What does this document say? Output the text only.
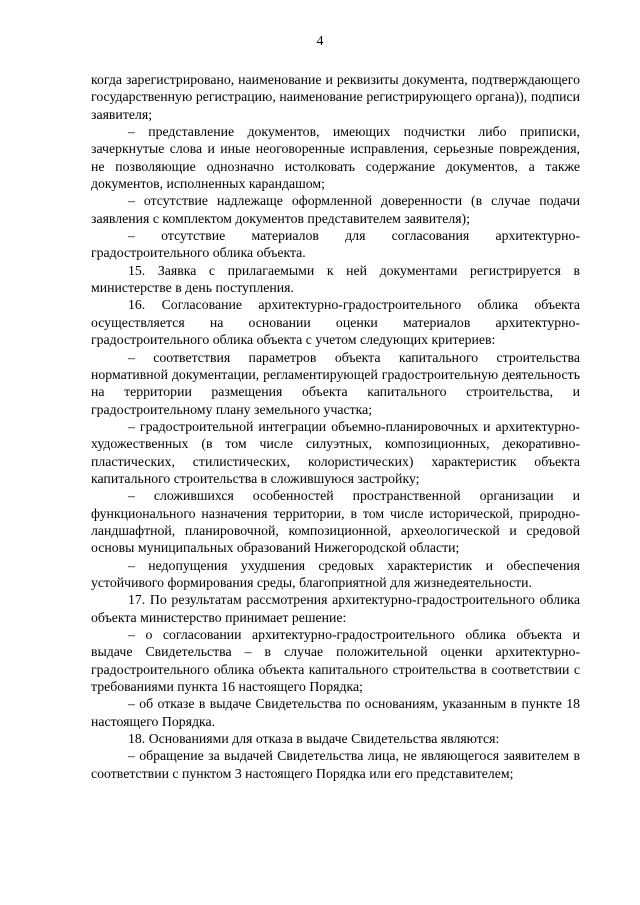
4

когда зарегистрировано, наименование и реквизиты документа, подтверждающего государственную регистрацию, наименование регистрирующего органа)), подписи заявителя;

– представление документов, имеющих подчистки либо приписки, зачеркнутые слова и иные неоговоренные исправления, серьезные повреждения, не позволяющие однозначно истолковать содержание документов, а также документов, исполненных карандашом;

– отсутствие надлежаще оформленной доверенности (в случае подачи заявления с комплектом документов представителем заявителя);

– отсутствие материалов для согласования архитектурно-градостроительного облика объекта.

15. Заявка с прилагаемыми к ней документами регистрируется в министерстве в день поступления.

16. Согласование архитектурно-градостроительного облика объекта осуществляется на основании оценки материалов архитектурно-градостроительного облика объекта с учетом следующих критериев:

– соответствия параметров объекта капитального строительства нормативной документации, регламентирующей градостроительную деятельность на территории размещения объекта капитального строительства, и градостроительному плану земельного участка;

– градостроительной интеграции объемно-планировочных и архитектурно-художественных (в том числе силуэтных, композиционных, декоративно-пластических, стилистических, колористических) характеристик объекта капитального строительства в сложившуюся застройку;

– сложившихся особенностей пространственной организации и функционального назначения территории, в том числе исторической, природно-ландшафтной, планировочной, композиционной, археологической и средовой основы муниципальных образований Нижегородской области;

– недопущения ухудшения средовых характеристик и обеспечения устойчивого формирования среды, благоприятной для жизнедеятельности.

17. По результатам рассмотрения архитектурно-градостроительного облика объекта министерство принимает решение:

– о согласовании архитектурно-градостроительного облика объекта и выдаче Свидетельства – в случае положительной оценки архитектурно-градостроительного облика объекта капитального строительства в соответствии с требованиями пункта 16 настоящего Порядка;

– об отказе в выдаче Свидетельства по основаниям, указанным в пункте 18 настоящего Порядка.

18. Основаниями для отказа в выдаче Свидетельства являются:

– обращение за выдачей Свидетельства лица, не являющегося заявителем в соответствии с пунктом 3 настоящего Порядка или его представителем;
